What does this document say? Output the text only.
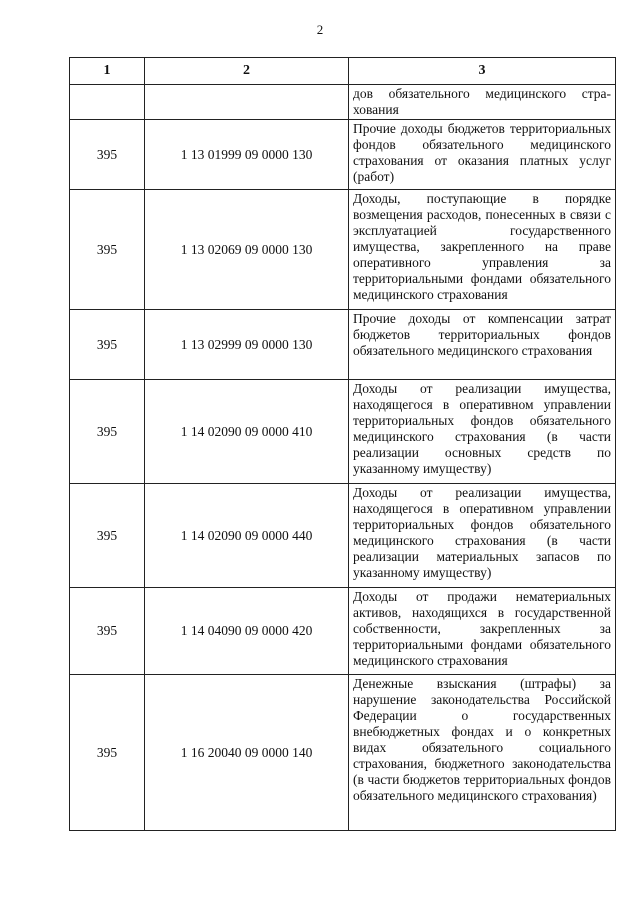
2
1	2	3
		дов обязательного медицинского стра-хования
395	1 13 01999 09 0000 130	Прочие доходы бюджетов территориальных фондов обязательного медицинского страхования от оказания платных услуг (работ)
395	1 13 02069 09 0000 130	Доходы, поступающие в порядке возмещения расходов, понесенных в связи с эксплуатацией государственного имущества, закрепленного на праве оперативного управления за территориальными фондами обязательного медицинского страхования
395	1 13 02999 09 0000 130	Прочие доходы от компенсации затрат бюджетов территориальных фондов обязательного медицинского страхования
395	1 14 02090 09 0000 410	Доходы от реализации имущества, находящегося в оперативном управлении территориальных фондов обязательного медицинского страхования (в части реализации основных средств по указанному имуществу)
395	1 14 02090 09 0000 440	Доходы от реализации имущества, находящегося в оперативном управлении территориальных фондов обязательного медицинского страхования (в части реализации материальных запасов по указанному имуществу)
395	1 14 04090 09 0000 420	Доходы от продажи нематериальных активов, находящихся в государственной собственности, закрепленных за территориальными фондами обязательного медицинского страхования
395	1 16 20040 09 0000 140	Денежные взыскания (штрафы) за нарушение законодательства Российской Федерации о государственных внебюджетных фондах и о конкретных видах обязательного социального страхования, бюджетного законодательства (в части бюджетов территориальных фондов обязательного медицинского страхования)
